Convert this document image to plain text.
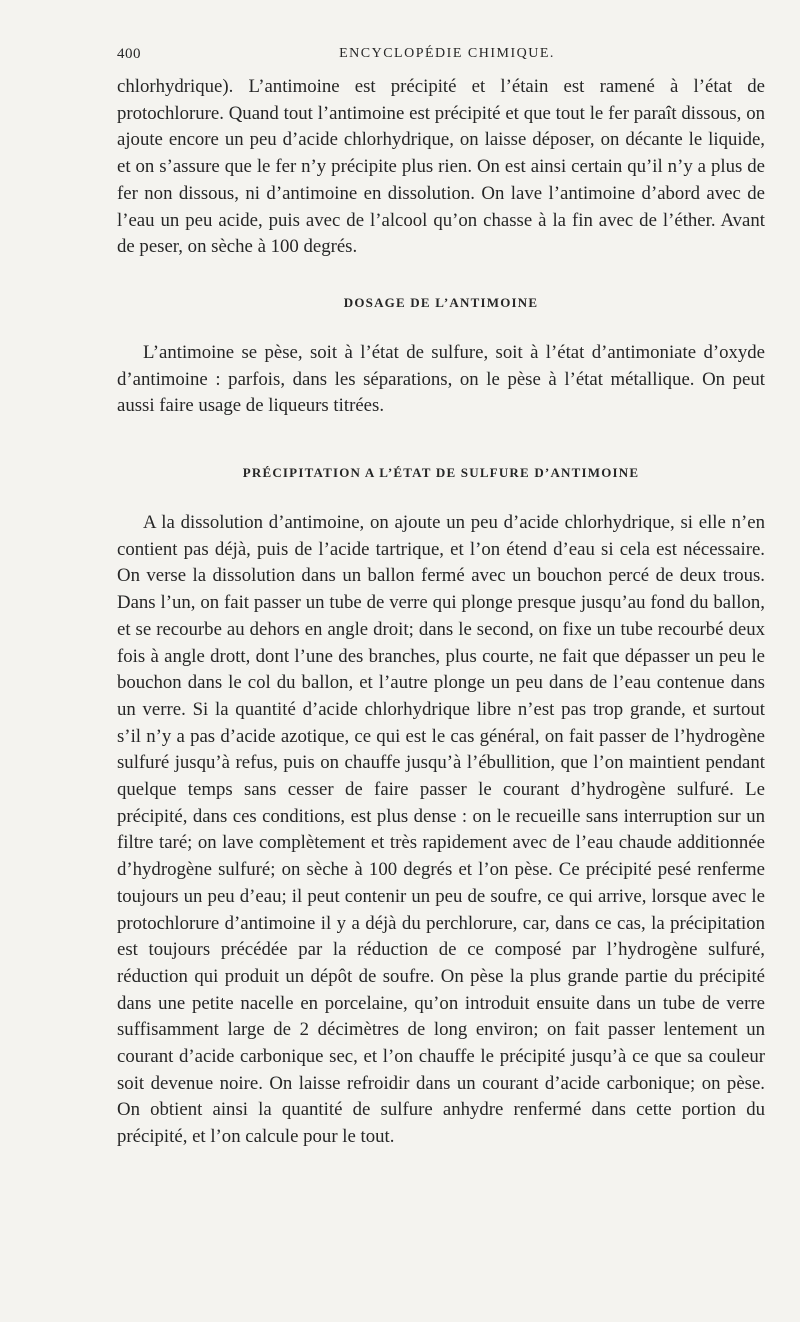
400	ENCYCLOPÉDIE CHIMIQUE.

chlorhydrique). L’antimoine est précipité et l’étain est ramené à l’état de protochlorure. Quand tout l’antimoine est précipité et que tout le fer paraît dissous, on ajoute encore un peu d’acide chlorhydrique, on laisse déposer, on décante le liquide, et on s’assure que le fer n’y précipite plus rien. On est ainsi certain qu’il n’y a plus de fer non dissous, ni d’antimoine en dissolution. On lave l’antimoine d’abord avec de l’eau un peu acide, puis avec de l’alcool qu’on chasse à la fin avec de l’éther. Avant de peser, on sèche à 100 degrés.

DOSAGE DE L’ANTIMOINE

L’antimoine se pèse, soit à l’état de sulfure, soit à l’état d’antimoniate d’oxyde d’antimoine : parfois, dans les séparations, on le pèse à l’état métallique. On peut aussi faire usage de liqueurs titrées.

PRÉCIPITATION A L’ÉTAT DE SULFURE D’ANTIMOINE

A la dissolution d’antimoine, on ajoute un peu d’acide chlorhydrique, si elle n’en contient pas déjà, puis de l’acide tartrique, et l’on étend d’eau si cela est nécessaire. On verse la dissolution dans un ballon fermé avec un bouchon percé de deux trous. Dans l’un, on fait passer un tube de verre qui plonge presque jusqu’au fond du ballon, et se recourbe au dehors en angle droit; dans le second, on fixe un tube recourbé deux fois à angle drott, dont l’une des branches, plus courte, ne fait que dépasser un peu le bouchon dans le col du ballon, et l’autre plonge un peu dans de l’eau contenue dans un verre. Si la quantité d’acide chlorhydrique libre n’est pas trop grande, et surtout s’il n’y a pas d’acide azotique, ce qui est le cas général, on fait passer de l’hydrogène sulfuré jusqu’à refus, puis on chauffe jusqu’à l’ébullition, que l’on maintient pendant quelque temps sans cesser de faire passer le courant d’hydrogène sulfuré. Le précipité, dans ces conditions, est plus dense : on le recueille sans interruption sur un filtre taré; on lave complètement et très rapidement avec de l’eau chaude additionnée d’hydrogène sulfuré; on sèche à 100 degrés et l’on pèse. Ce précipité pesé renferme toujours un peu d’eau; il peut contenir un peu de soufre, ce qui arrive, lorsque avec le protochlorure d’antimoine il y a déjà du perchlorure, car, dans ce cas, la précipitation est toujours précédée par la réduction de ce composé par l’hydrogène sulfuré, réduction qui produit un dépôt de soufre. On pèse la plus grande partie du précipité dans une petite nacelle en porcelaine, qu’on introduit ensuite dans un tube de verre suffisamment large de 2 décimètres de long environ; on fait passer lentement un courant d’acide carbonique sec, et l’on chauffe le précipité jusqu’à ce que sa couleur soit devenue noire. On laisse refroidir dans un courant d’acide carbonique; on pèse. On obtient ainsi la quantité de sulfure anhydre renfermé dans cette portion du précipité, et l’on calcule pour le tout.
